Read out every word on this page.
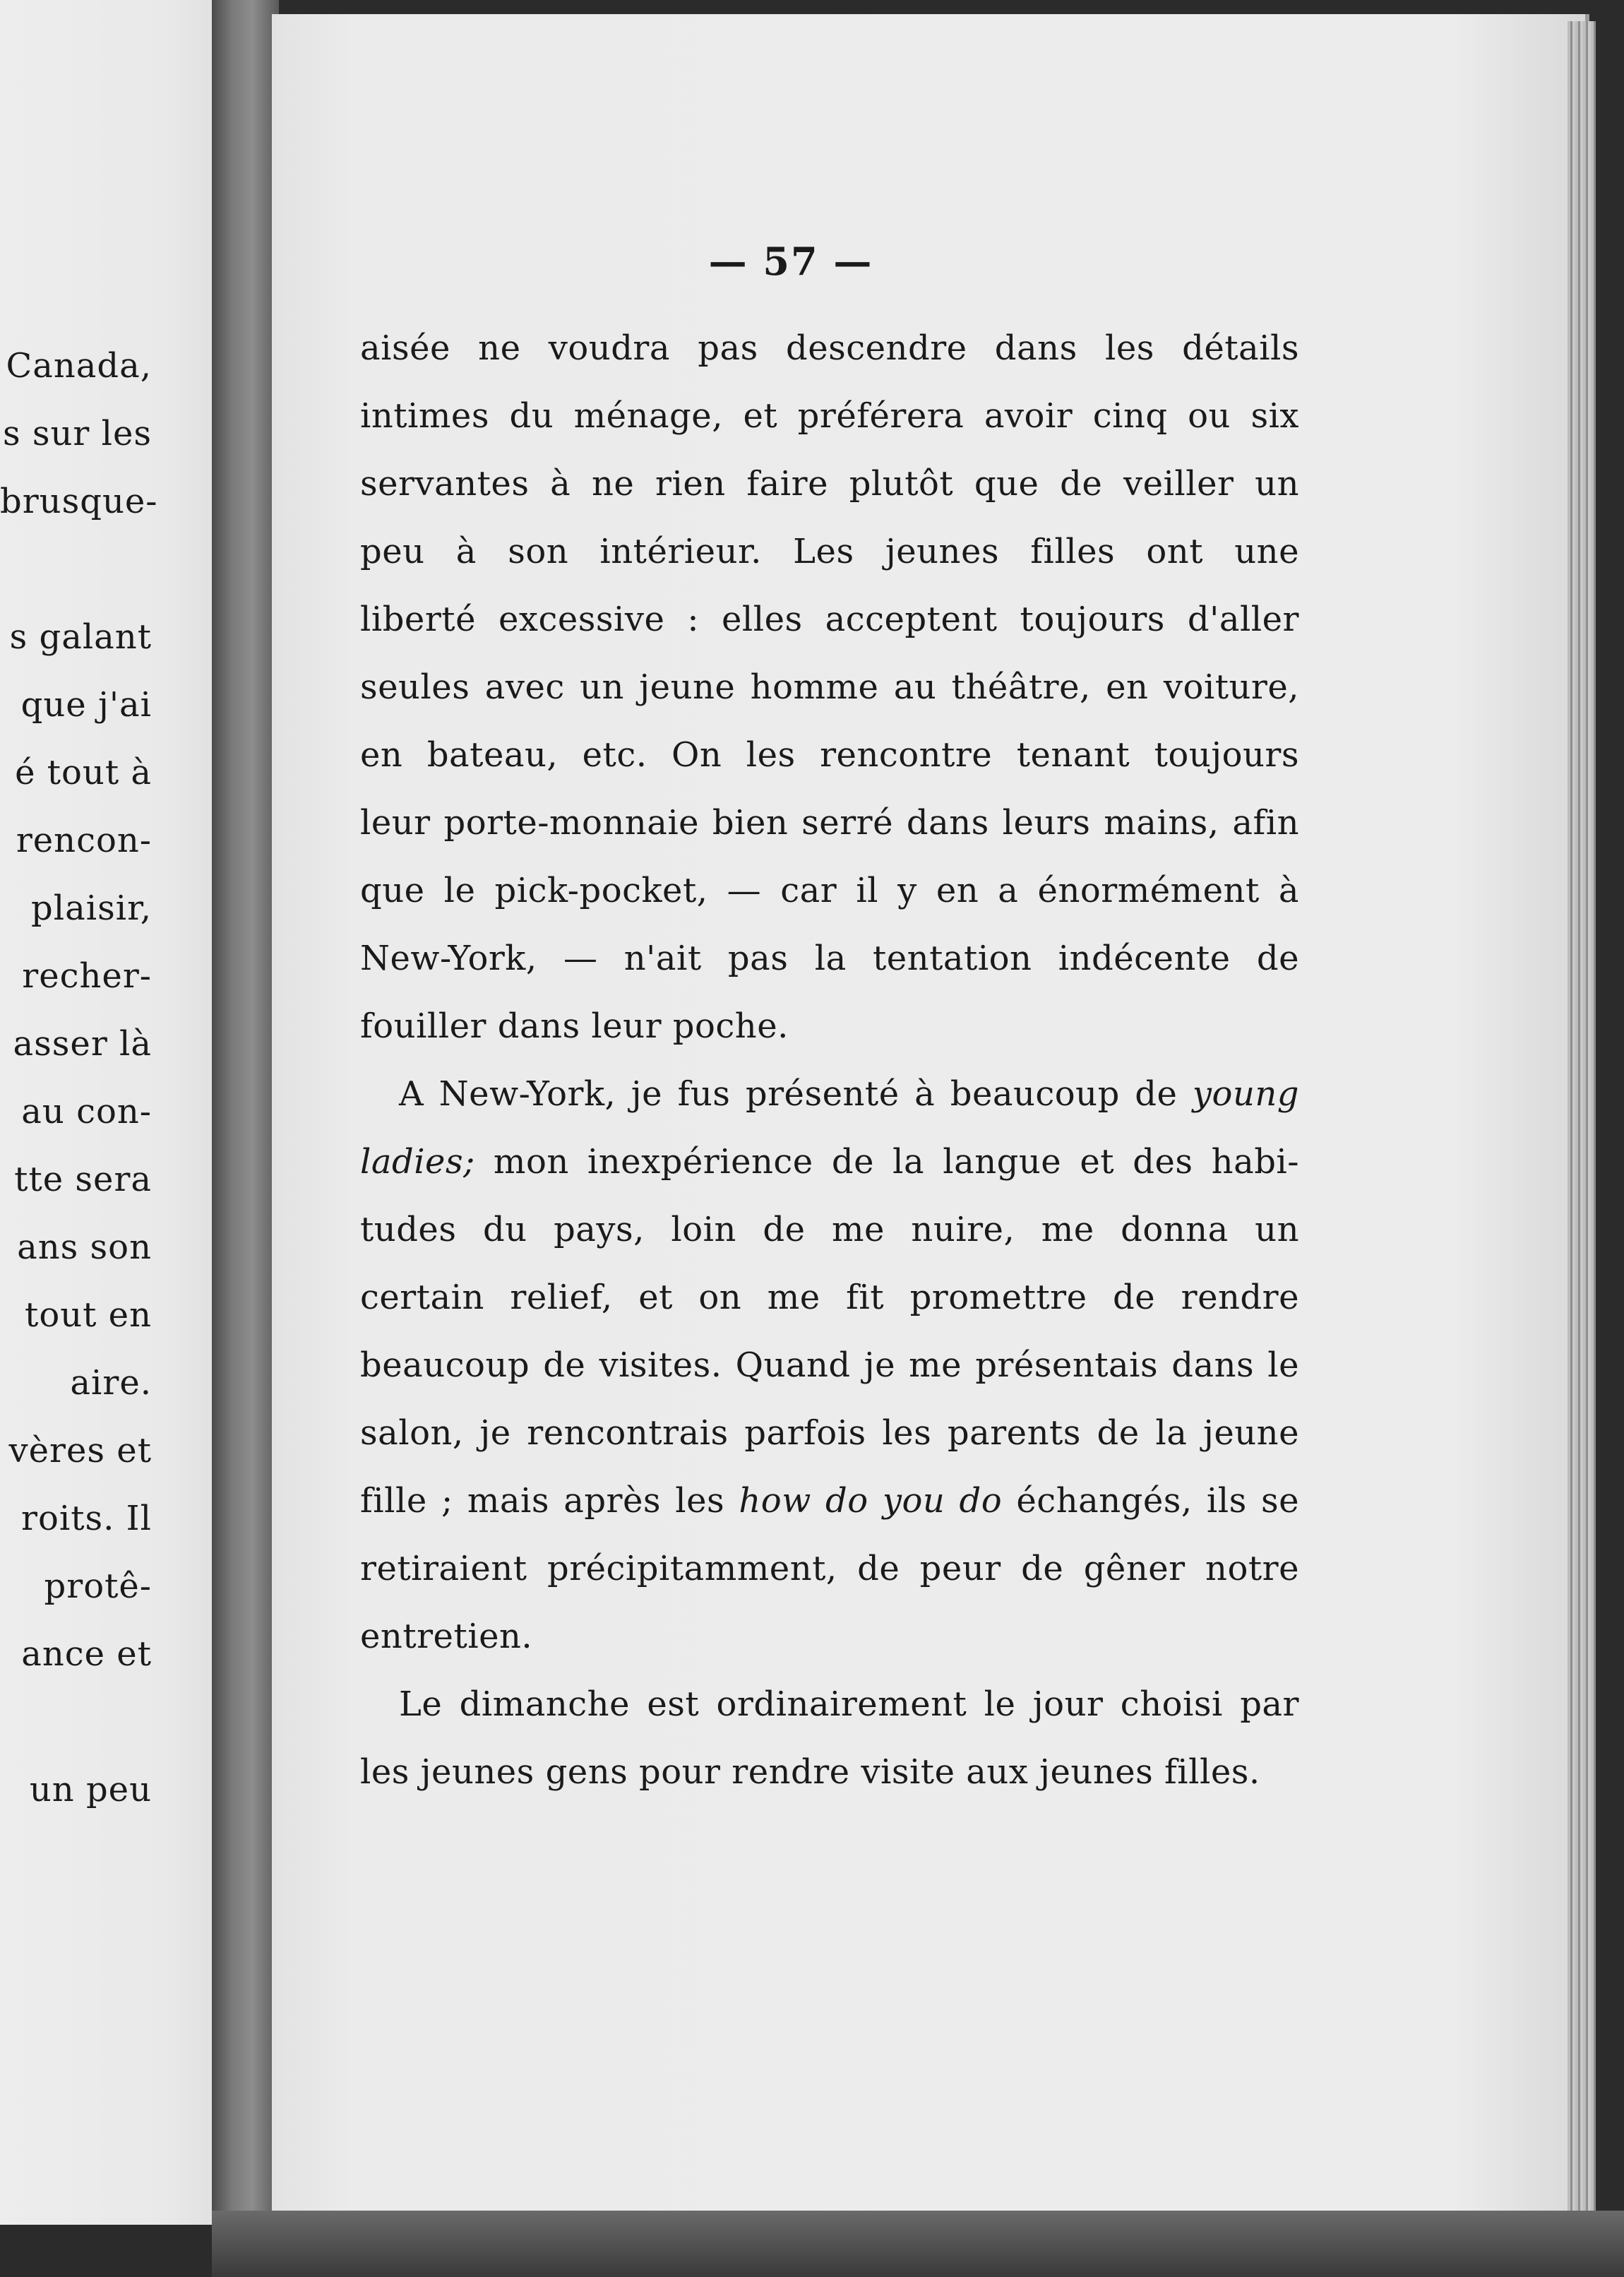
Canada,
s sur les
brusque-
s galant
que j'ai
é tout à
rencon-
plaisir,
recher-
asser là
au con-
tte sera
ans son
tout en
aire.
vères et
roits. Il
protê-
ance et
un peu
— 57 —
aisée ne voudra pas descendre dans les détails
intimes du ménage, et préférera avoir cinq ou six
servantes à ne rien faire plutôt que de veiller un
peu à son intérieur. Les jeunes filles ont une
liberté excessive : elles acceptent toujours d'aller
seules avec un jeune homme au théâtre, en voiture,
en bateau, etc. On les rencontre tenant toujours
leur porte-monnaie bien serré dans leurs mains, afin
que le pick-pocket, — car il y en a énormément à
New-York, — n'ait pas la tentation indécente de
fouiller dans leur poche.
A New-York, je fus présenté à beaucoup de young
ladies; mon inexpérience de la langue et des habi-
tudes du pays, loin de me nuire, me donna un
certain relief, et on me fit promettre de rendre
beaucoup de visites. Quand je me présentais dans le
salon, je rencontrais parfois les parents de la jeune
fille ; mais après les how do you do échangés, ils se
retiraient précipitamment, de peur de gêner notre
entretien.
Le dimanche est ordinairement le jour choisi par
les jeunes gens pour rendre visite aux jeunes filles.
